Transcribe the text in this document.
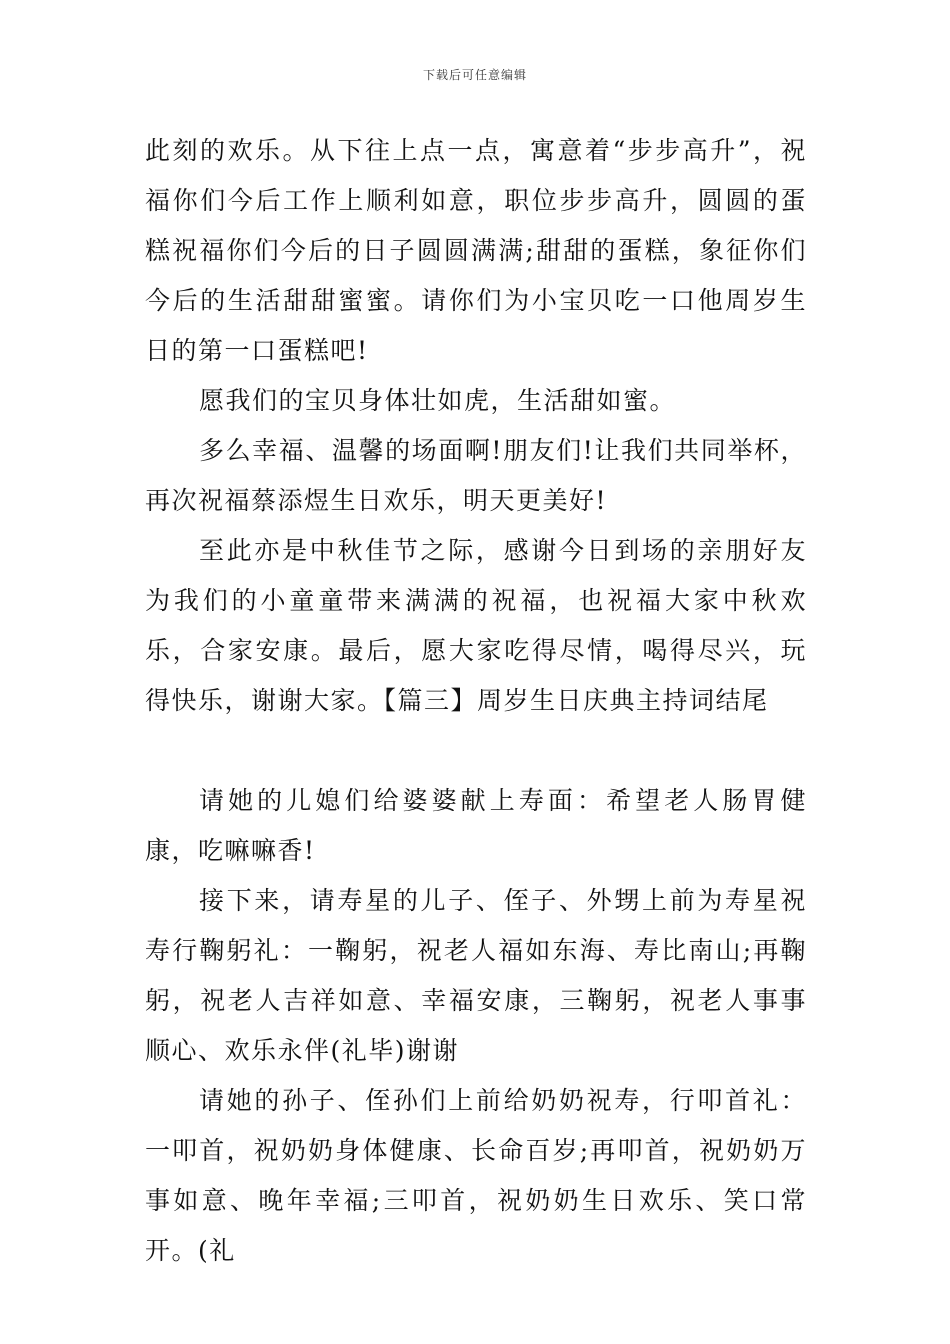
下载后可任意编辑

此刻的欢乐。从下往上点一点，寓意着“步步高升”，祝福你们今后工作上顺利如意，职位步步高升，圆圆的蛋糕祝福你们今后的日子圆圆满满;甜甜的蛋糕，象征你们今后的生活甜甜蜜蜜。请你们为小宝贝吃一口他周岁生日的第一口蛋糕吧!

愿我们的宝贝身体壮如虎，生活甜如蜜。

多么幸福、温馨的场面啊!朋友们!让我们共同举杯，再次祝福蔡添煜生日欢乐，明天更美好!

至此亦是中秋佳节之际，感谢今日到场的亲朋好友为我们的小童童带来满满的祝福，也祝福大家中秋欢乐，合家安康。最后，愿大家吃得尽情，喝得尽兴，玩得快乐，谢谢大家。【篇三】周岁生日庆典主持词结尾

请她的儿媳们给婆婆献上寿面：希望老人肠胃健康，吃嘛嘛香!

接下来，请寿星的儿子、侄子、外甥上前为寿星祝寿行鞠躬礼：一鞠躬，祝老人福如东海、寿比南山;再鞠躬，祝老人吉祥如意、幸福安康，三鞠躬，祝老人事事顺心、欢乐永伴(礼毕)谢谢

请她的孙子、侄孙们上前给奶奶祝寿，行叩首礼：一叩首，祝奶奶身体健康、长命百岁;再叩首，祝奶奶万事如意、晚年幸福;三叩首，祝奶奶生日欢乐、笑口常开。(礼
